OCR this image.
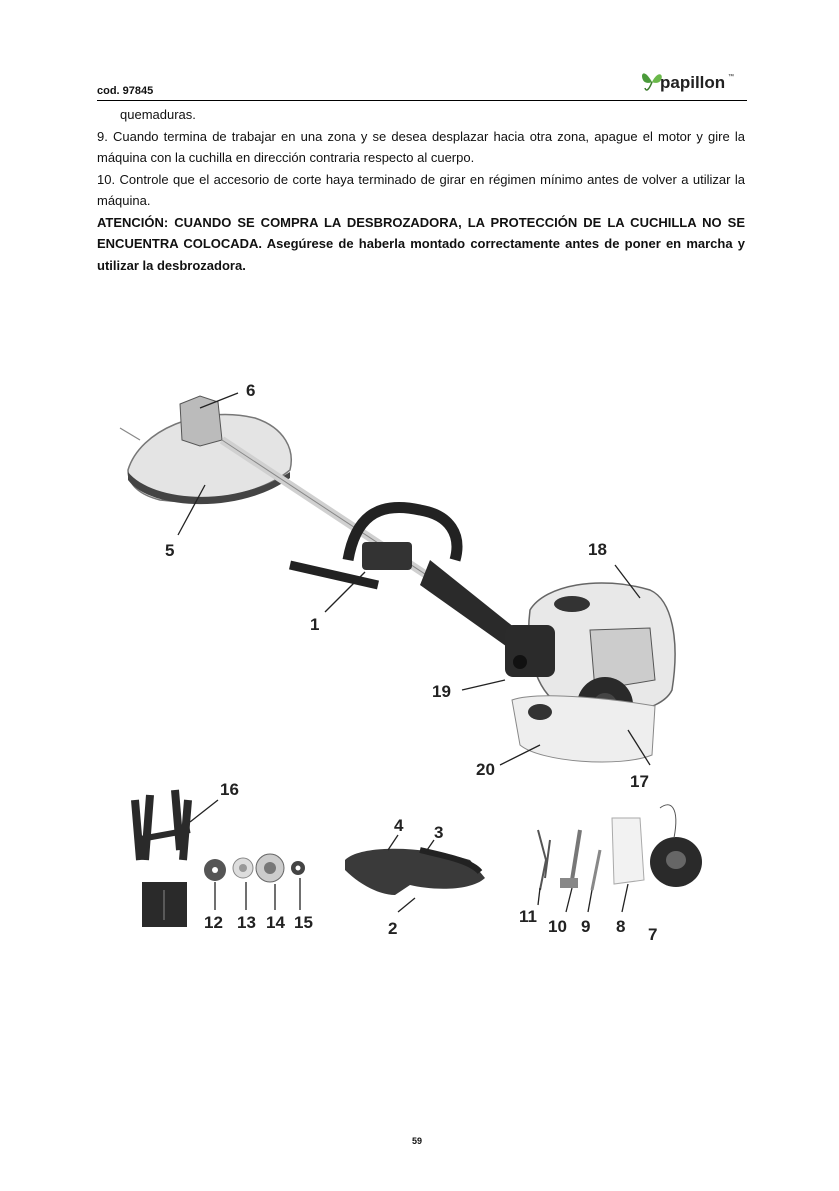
cod. 97845	papillon ™

quemaduras.

9. Cuando termina de trabajar en una zona y se desea desplazar hacia otra zona, apague el motor y gire la máquina con la cuchilla en dirección contraria respecto al cuerpo.

10. Controle que el accesorio de corte haya terminado de girar en régimen mínimo antes de volver a utilizar la máquina.

ATENCIÓN: CUANDO SE COMPRA LA DESBROZADORA, LA PROTECCIÓN DE LA CUCHILLA NO SE ENCUENTRA COLOCADA. Asegúrese de haberla montado correctamente antes de poner en marcha y utilizar la desbrozadora.

6
5
1
18
19
20
17
16
12 13 14 15
4 3
2
11
10 9 8 7
59
